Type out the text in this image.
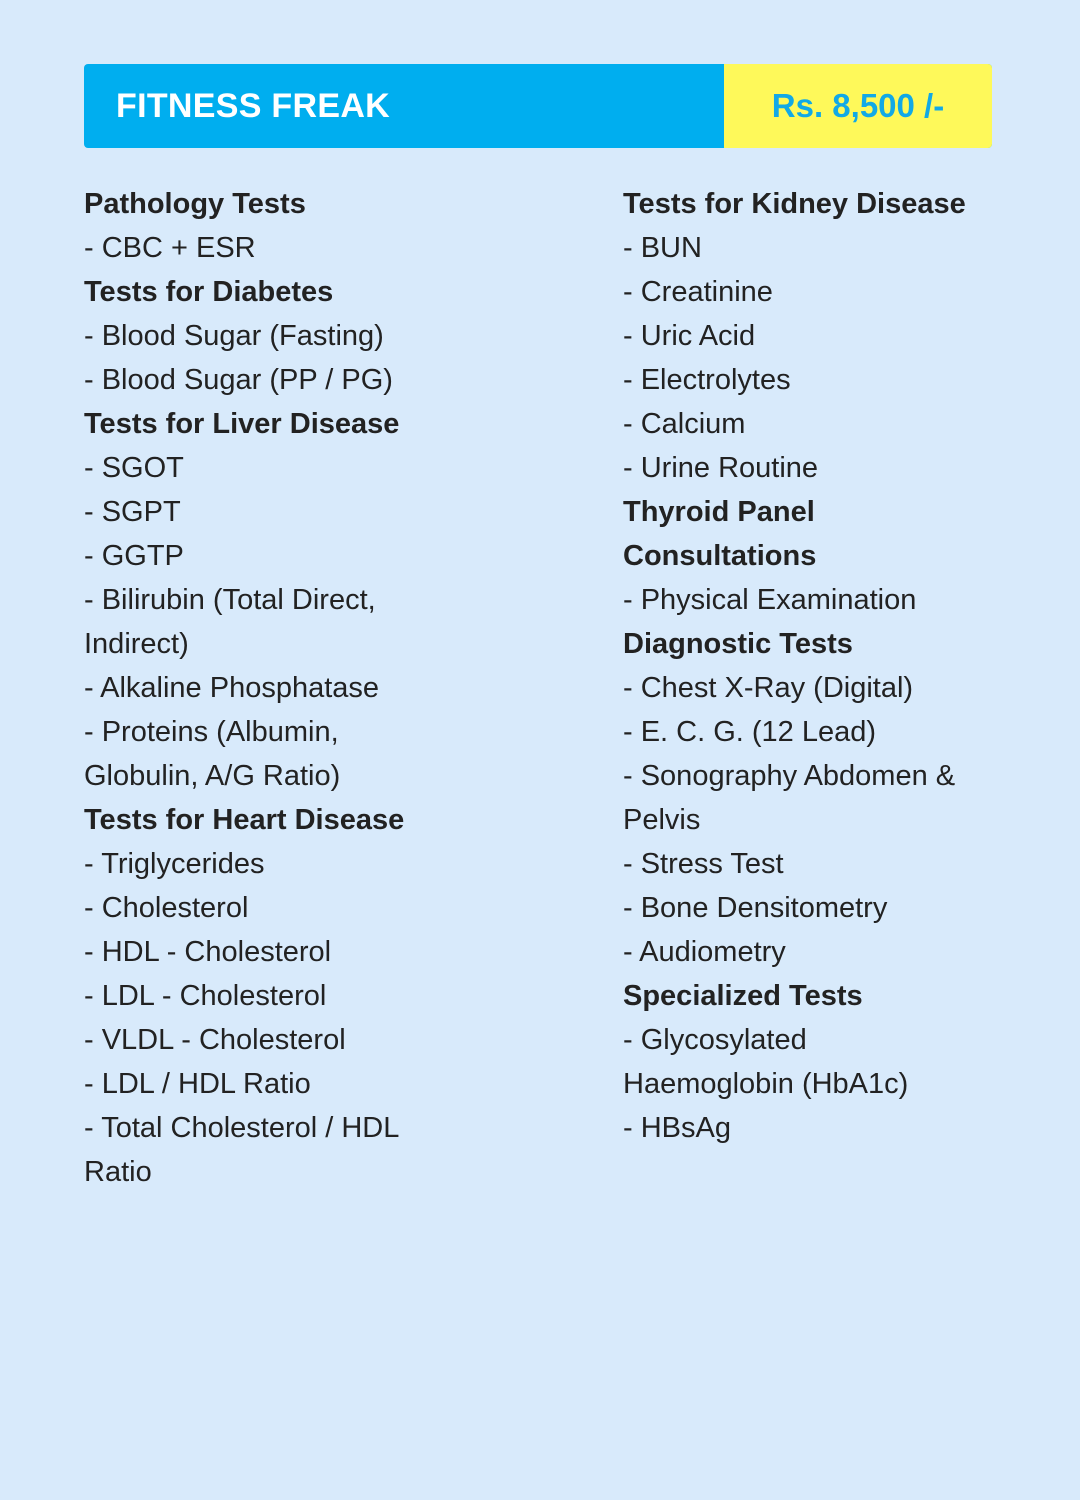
FITNESS FREAK	Rs. 8,500 /-
Pathology Tests
- CBC + ESR
Tests for Diabetes
- Blood Sugar (Fasting)
- Blood Sugar (PP / PG)
Tests for Liver Disease
- SGOT
- SGPT
- GGTP
- Bilirubin (Total Direct,
Indirect)
- Alkaline Phosphatase
- Proteins (Albumin,
Globulin, A/G Ratio)
Tests for Heart Disease
- Triglycerides
- Cholesterol
- HDL - Cholesterol
- LDL - Cholesterol
- VLDL - Cholesterol
- LDL / HDL Ratio
- Total Cholesterol / HDL
Ratio
Tests for Kidney Disease
- BUN
- Creatinine
- Uric Acid
- Electrolytes
- Calcium
- Urine Routine
Thyroid Panel
Consultations
- Physical Examination
Diagnostic Tests
- Chest X-Ray (Digital)
- E. C. G. (12 Lead)
- Sonography Abdomen &
Pelvis
- Stress Test
- Bone Densitometry
- Audiometry
Specialized Tests
- Glycosylated
Haemoglobin (HbA1c)
- HBsAg
